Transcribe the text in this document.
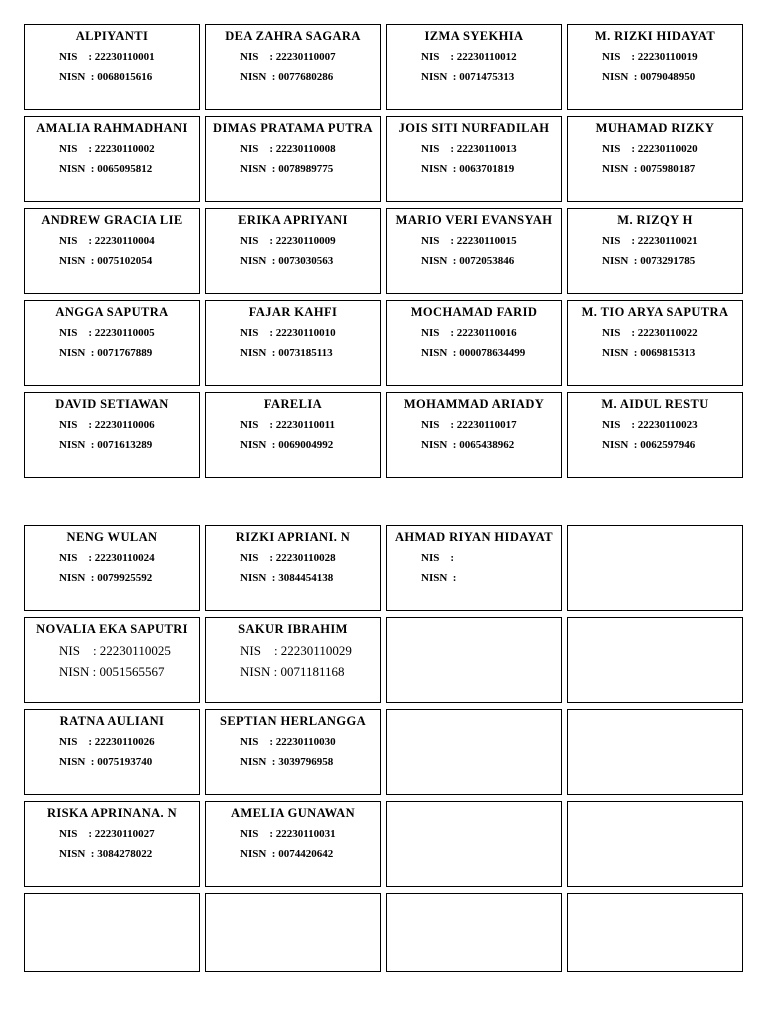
ALPIYANTI
NIS    : 22230110001
NISN  : 0068015616
DEA ZAHRA SAGARA
NIS    : 22230110007
NISN  : 0077680286
IZMA SYEKHIA
NIS    : 22230110012
NISN  : 0071475313
M. RIZKI HIDAYAT
NIS    : 22230110019
NISN  : 0079048950
AMALIA RAHMADHANI
NIS    : 22230110002
NISN  : 0065095812
DIMAS PRATAMA PUTRA
NIS    : 22230110008
NISN  : 0078989775
JOIS SITI NURFADILAH
NIS    : 22230110013
NISN  : 0063701819
MUHAMAD RIZKY
NIS    : 22230110020
NISN  : 0075980187
ANDREW GRACIA LIE
NIS    : 22230110004
NISN  : 0075102054
ERIKA APRIYANI
NIS    : 22230110009
NISN  : 0073030563
MARIO VERI EVANSYAH
NIS    : 22230110015
NISN  : 0072053846
M. RIZQY H
NIS    : 22230110021
NISN  : 0073291785
ANGGA SAPUTRA
NIS    : 22230110005
NISN  : 0071767889
FAJAR KAHFI
NIS    : 22230110010
NISN  : 0073185113
MOCHAMAD FARID
NIS    : 22230110016
NISN  : 000078634499
M. TIO ARYA SAPUTRA
NIS    : 22230110022
NISN  : 0069815313
DAVID SETIAWAN
NIS    : 22230110006
NISN  : 0071613289
FARELIA
NIS    : 22230110011
NISN  : 0069004992
MOHAMMAD ARIADY
NIS    : 22230110017
NISN  : 0065438962
M. AIDUL RESTU
NIS    : 22230110023
NISN  : 0062597946
NENG WULAN
NIS    : 22230110024
NISN  : 0079925592
RIZKI APRIANI. N
NIS    : 22230110028
NISN  : 3084454138
AHMAD RIYAN HIDAYAT
NIS    :
NISN  :
NOVALIA EKA SAPUTRI
NIS    : 22230110025
NISN : 0051565567
SAKUR IBRAHIM
NIS    : 22230110029
NISN : 0071181168
RATNA AULIANI
NIS    : 22230110026
NISN  : 0075193740
SEPTIAN HERLANGGA
NIS    : 22230110030
NISN  : 3039796958
RISKA APRINANA. N
NIS    : 22230110027
NISN  : 3084278022
AMELIA GUNAWAN
NIS    : 22230110031
NISN  : 0074420642
